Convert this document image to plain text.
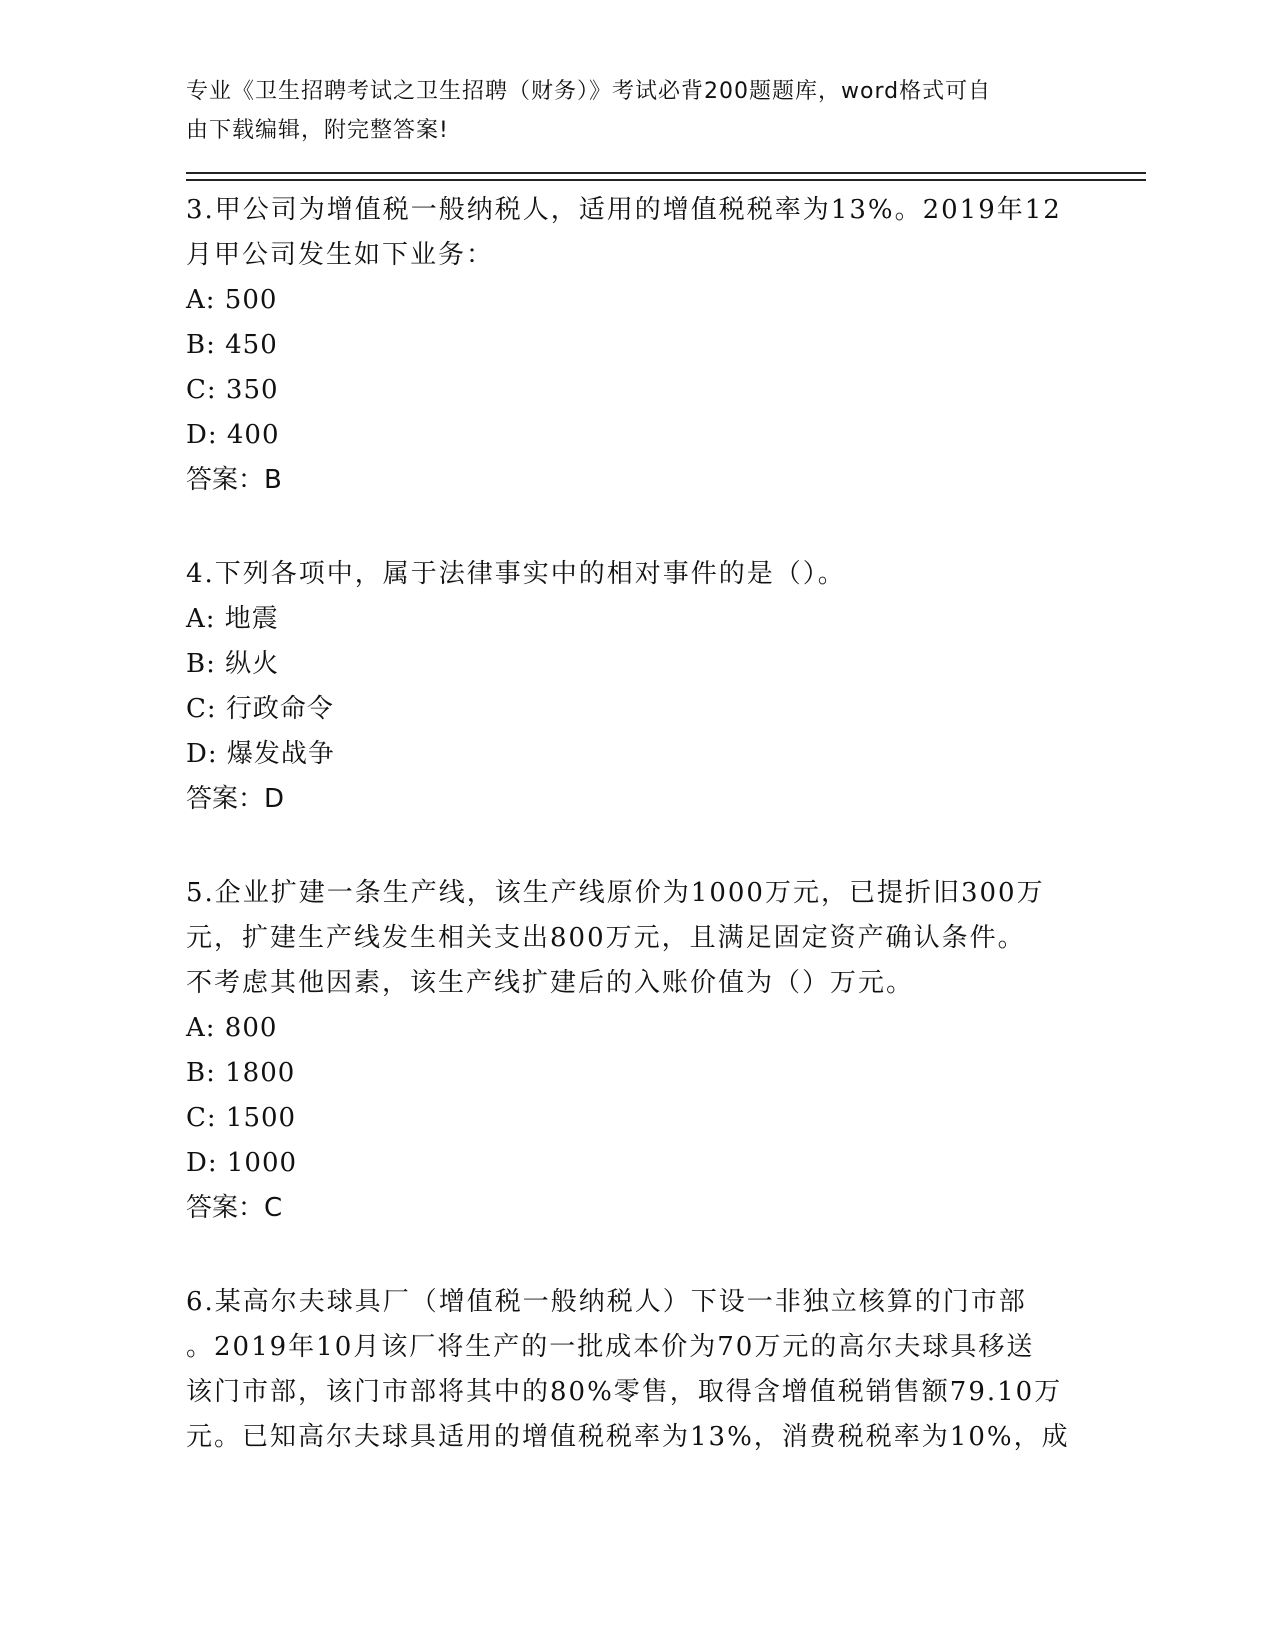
专业《卫生招聘考试之卫生招聘（财务）》考试必背200题题库，word格式可自
由下载编辑，附完整答案!
3.甲公司为增值税一般纳税人，适用的增值税税率为13%。2019年12
月甲公司发生如下业务：
A: 500
B: 450
C: 350
D: 400
答案：B
4.下列各项中，属于法律事实中的相对事件的是（）。
A: 地震
B: 纵火
C: 行政命令
D: 爆发战争
答案：D
5.企业扩建一条生产线，该生产线原价为1000万元，已提折旧300万
元，扩建生产线发生相关支出800万元，且满足固定资产确认条件。
不考虑其他因素，该生产线扩建后的入账价值为（）万元。
A: 800
B: 1800
C: 1500
D: 1000
答案：C
6.某高尔夫球具厂（增值税一般纳税人）下设一非独立核算的门市部
。2019年10月该厂将生产的一批成本价为70万元的高尔夫球具移送
该门市部，该门市部将其中的80%零售，取得含增值税销售额79.10万
元。已知高尔夫球具适用的增值税税率为13%，消费税税率为10%，成
